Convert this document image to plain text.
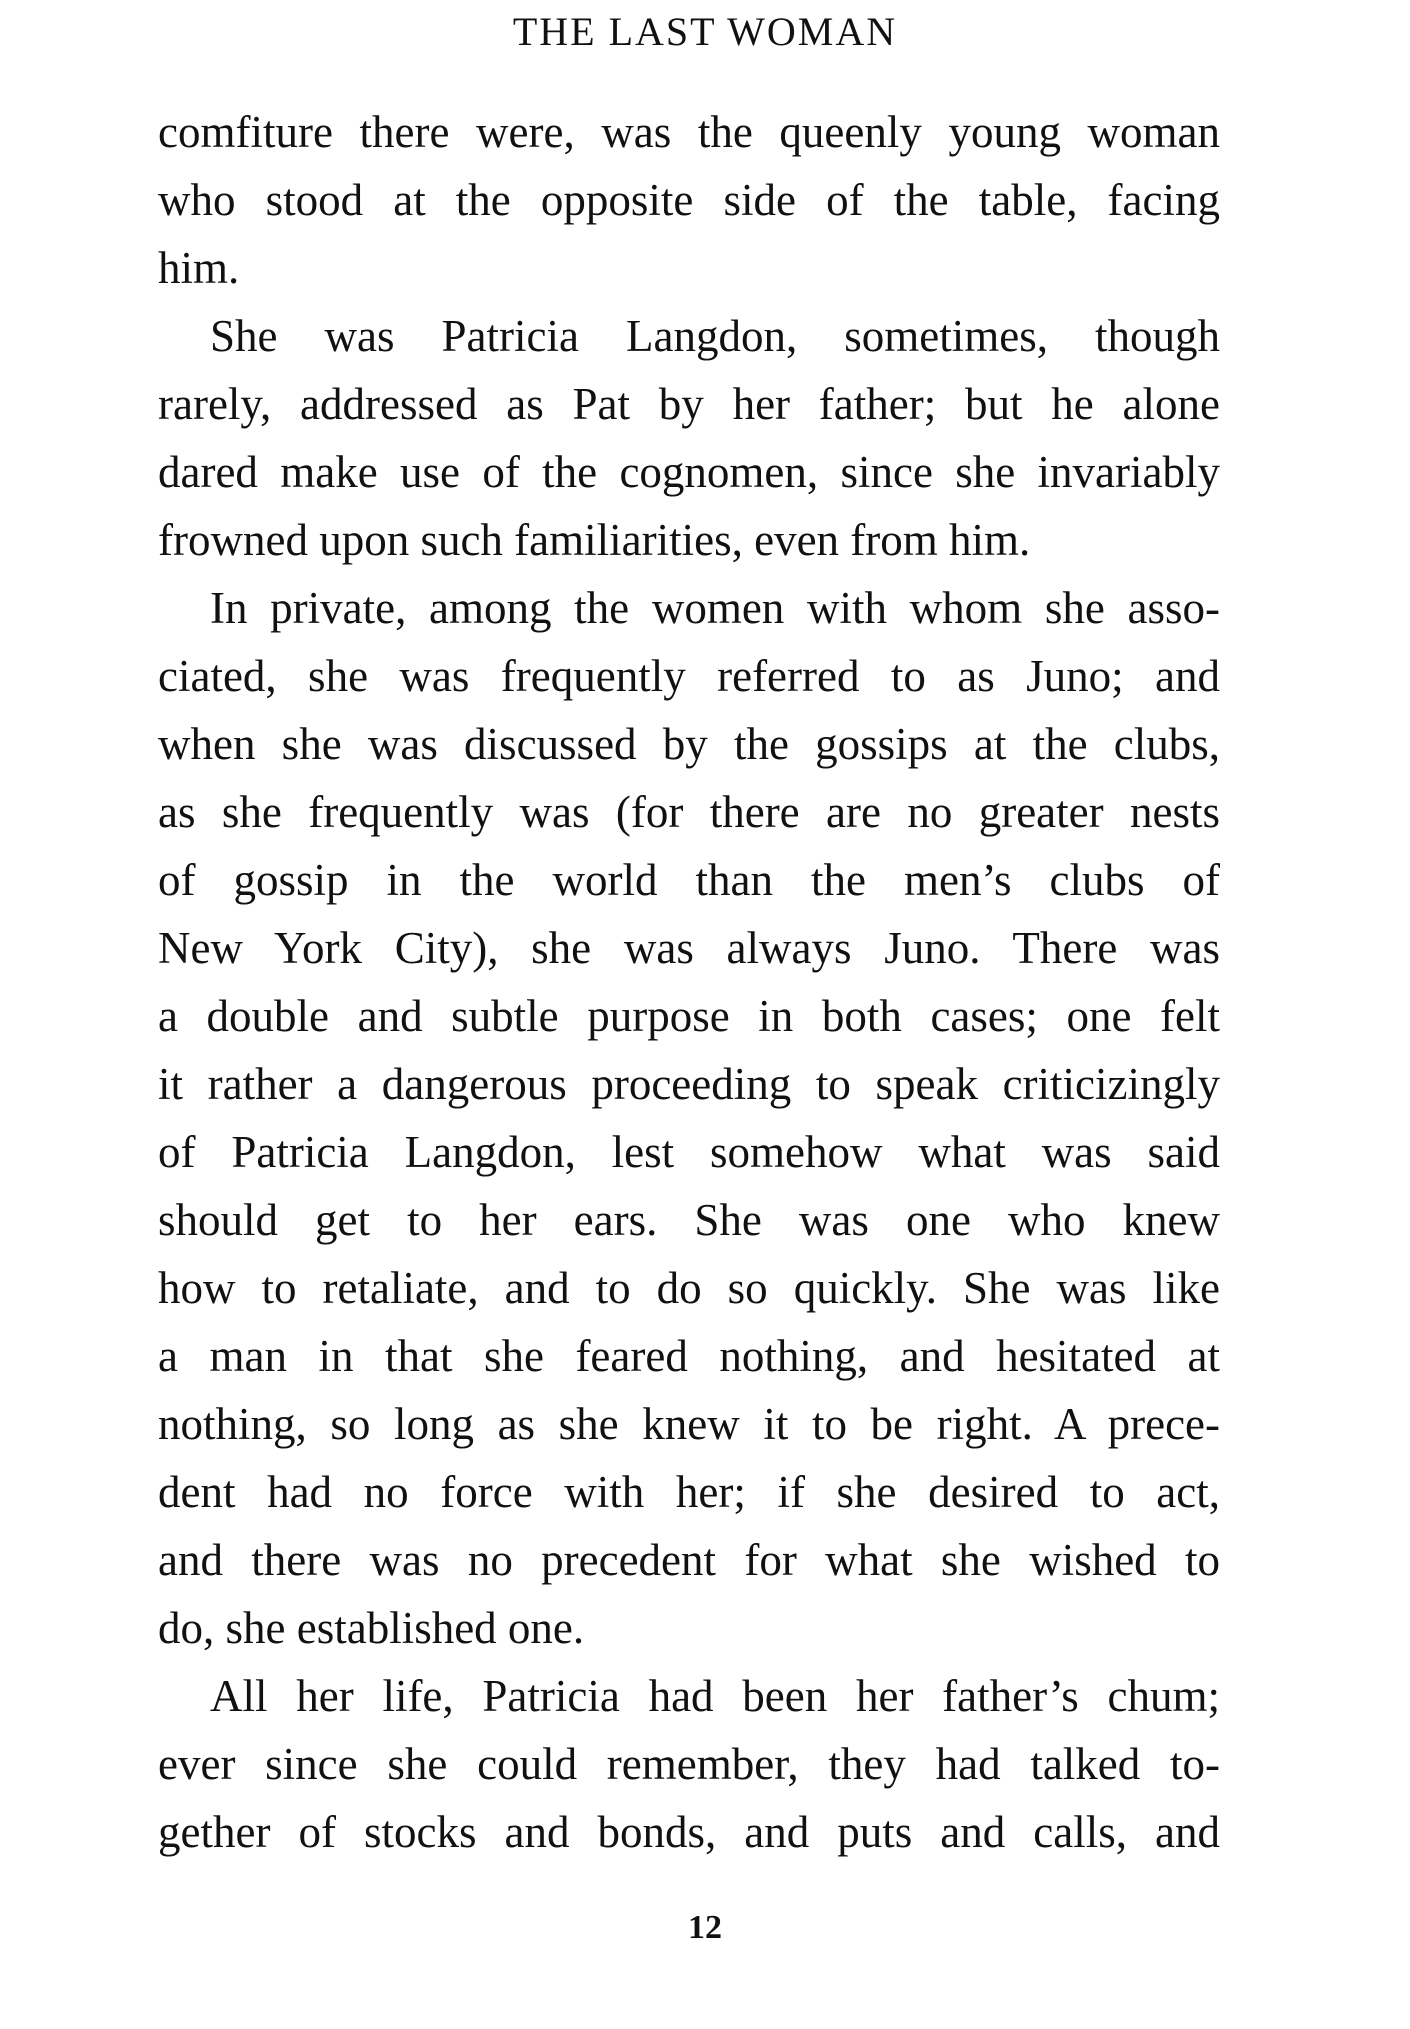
THE LAST WOMAN
comfiture there were, was the queenly young woman
who stood at the opposite side of the table, facing
him.
She was Patricia Langdon, sometimes, though
rarely, addressed as Pat by her father; but he alone
dared make use of the cognomen, since she invariably
frowned upon such familiarities, even from him.
In private, among the women with whom she asso-
ciated, she was frequently referred to as Juno; and
when she was discussed by the gossips at the clubs,
as she frequently was (for there are no greater nests
of gossip in the world than the men’s clubs of
New York City), she was always Juno. There was
a double and subtle purpose in both cases; one felt
it rather a dangerous proceeding to speak criticizingly
of Patricia Langdon, lest somehow what was said
should get to her ears. She was one who knew
how to retaliate, and to do so quickly. She was like
a man in that she feared nothing, and hesitated at
nothing, so long as she knew it to be right. A prece-
dent had no force with her; if she desired to act,
and there was no precedent for what she wished to
do, she established one.
All her life, Patricia had been her father’s chum;
ever since she could remember, they had talked to-
gether of stocks and bonds, and puts and calls, and
12
